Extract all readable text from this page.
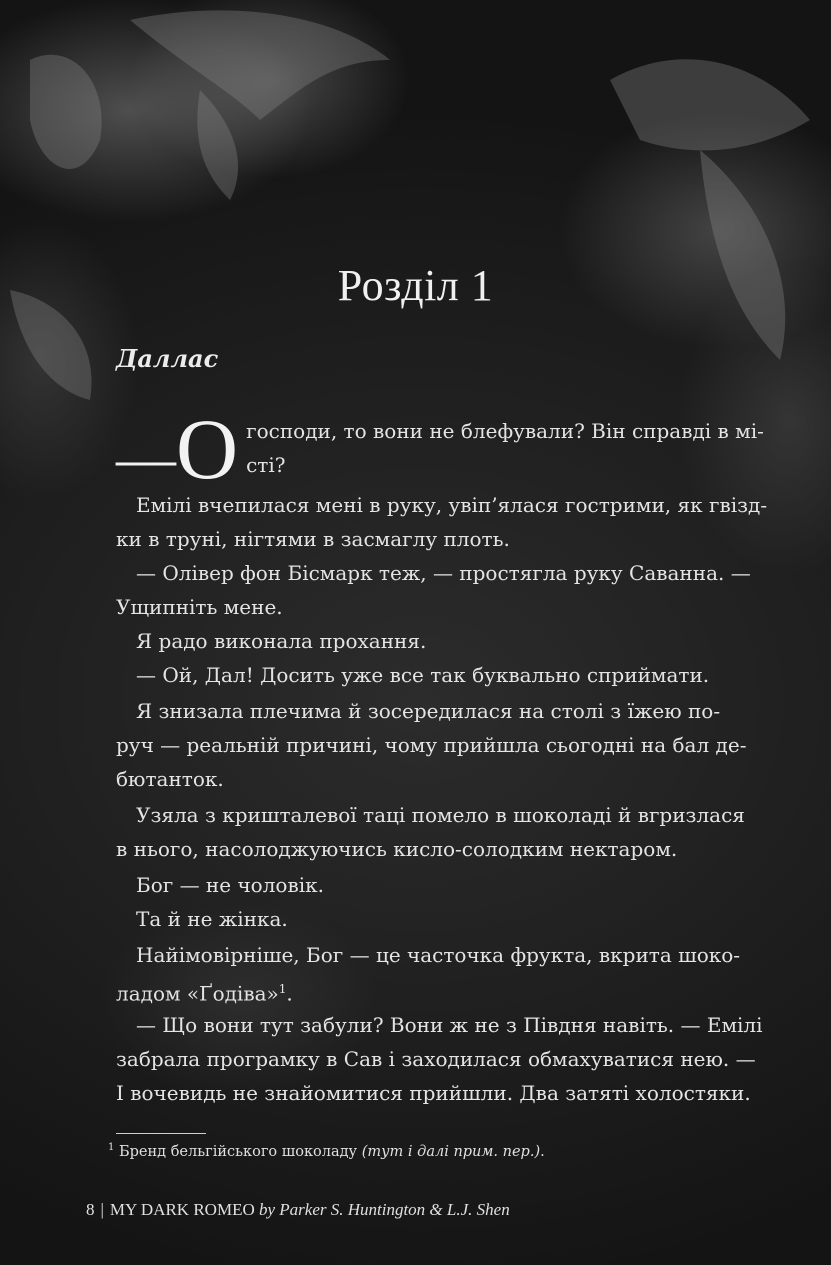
Розділ 1
Даллас
—О господи, то вони не блефували? Він справді в мі-
сті?
Емілі вчепилася мені в руку, увіп’ялася гострими, як гвізд-
ки в труні, нігтями в засмаглу плоть.
— Олівер фон Бісмарк теж, — простягла руку Саванна. —
Ущипніть мене.
Я радо виконала прохання.
— Ой, Дал! Досить уже все так буквально сприймати.
Я знизала плечима й зосередилася на столі з їжею по-
руч — реальній причині, чому прийшла сьогодні на бал де-
бютанток.
Узяла з кришталевої таці помело в шоколаді й вгризлася
в нього, насолоджуючись кисло-солодким нектаром.
Бог — не чоловік.
Та й не жінка.
Найімовірніше, Бог — це часточка фрукта, вкрита шоко-
ладом «Ґодіва»$^1$.
— Що вони тут забули? Вони ж не з Півдня навіть. — Емілі
забрала програмку в Сав і заходилася обмахуватися нею. —
І вочевидь не знайомитися прийшли. Два затяті холостяки.
$^1$ Бренд бельгійського шоколаду (тут і далі прим. пер.).
8 | MY DARK ROMEO by Parker S. Huntington & L.J. Shen
